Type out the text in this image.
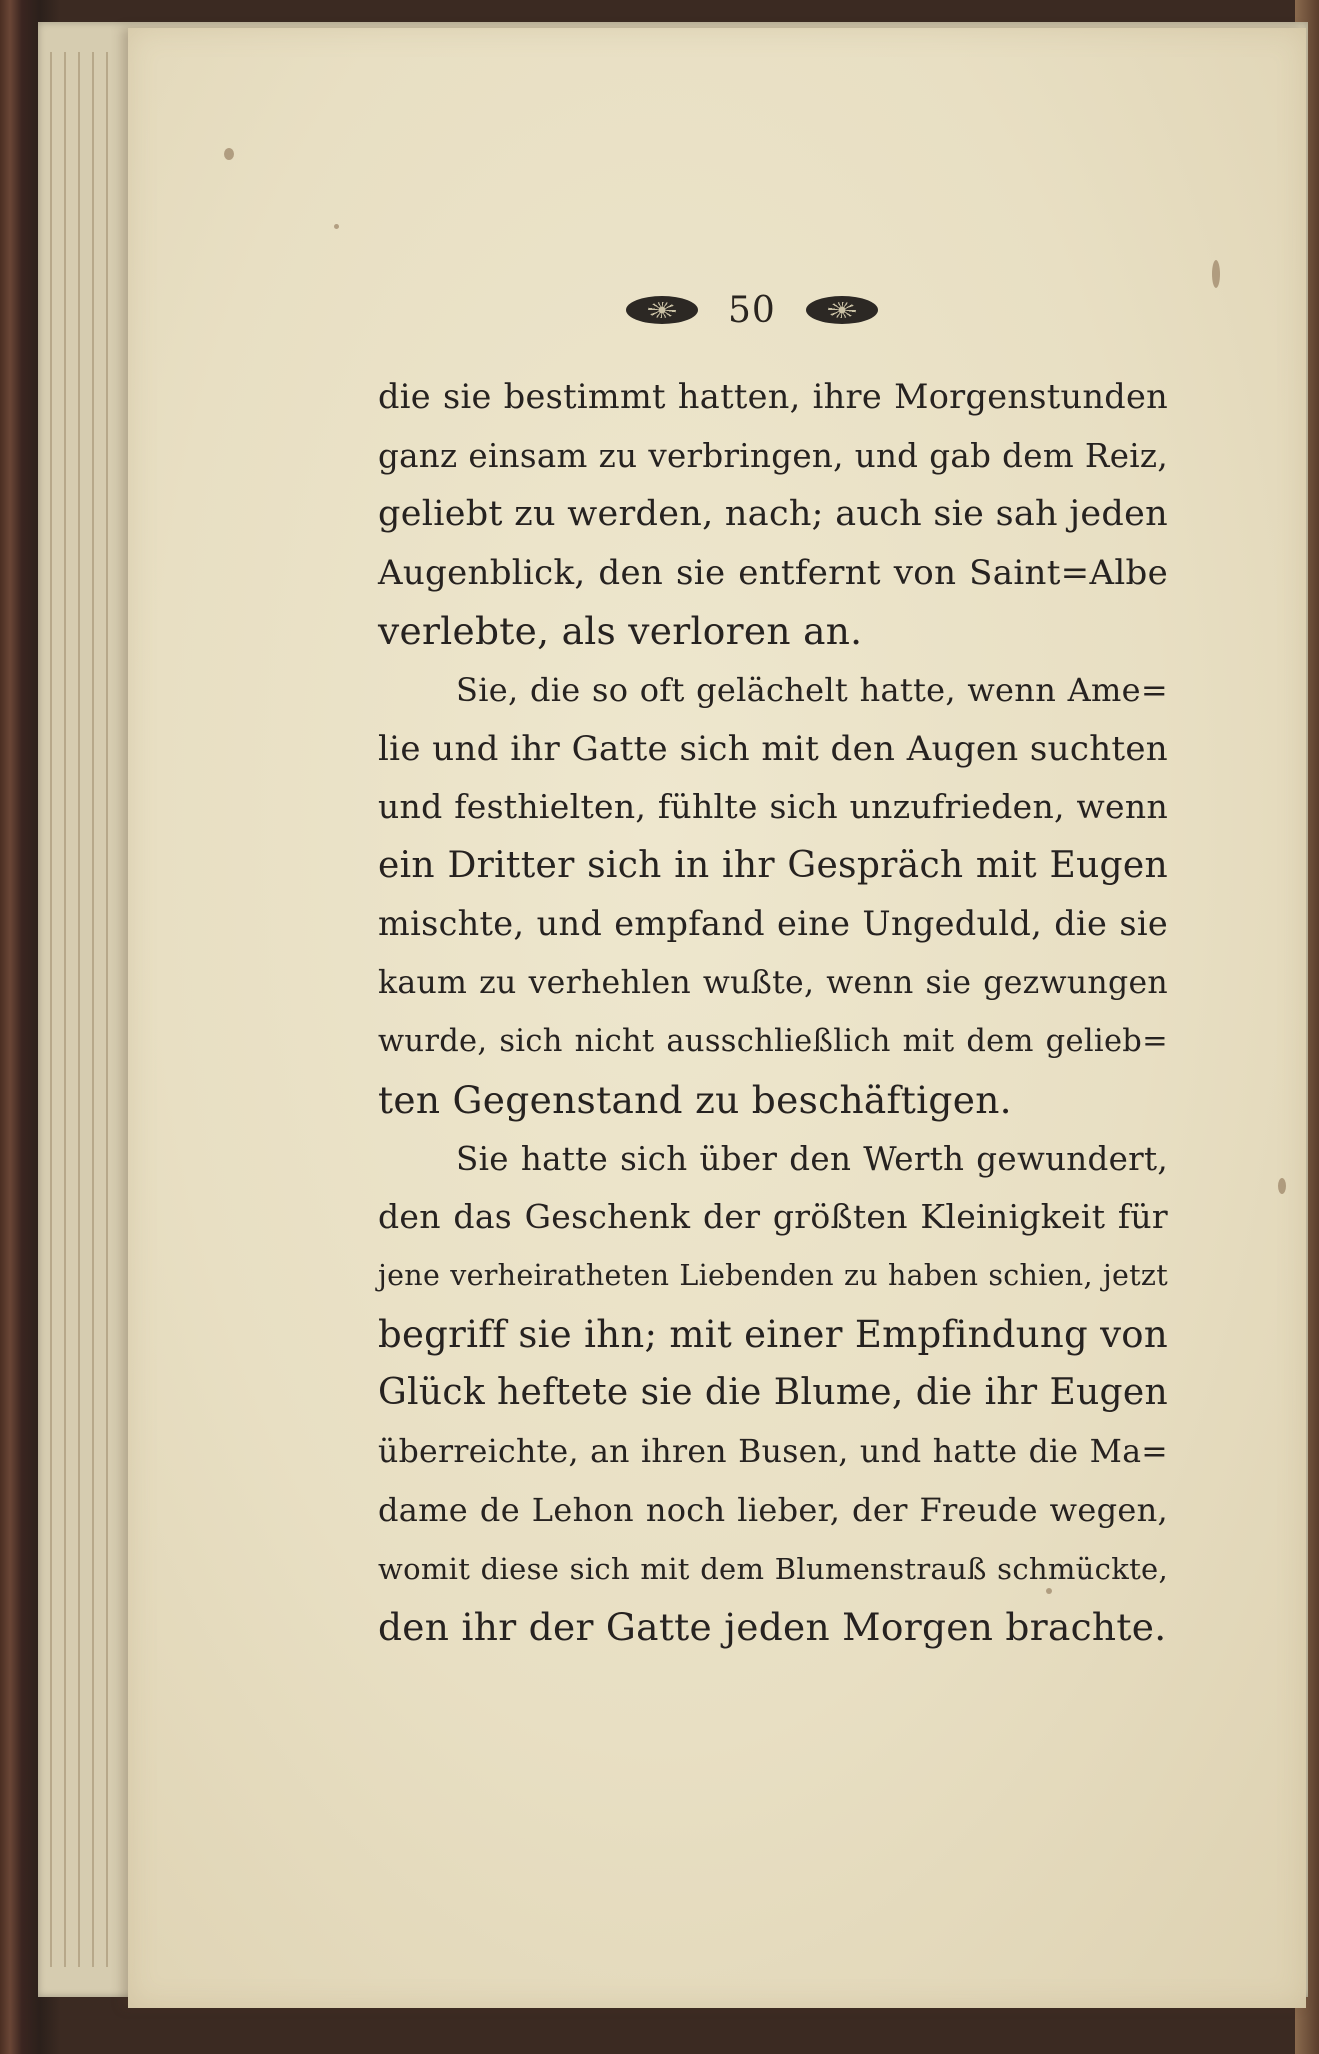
50
die sie bestimmt hatten, ihre Morgenstunden
ganz einsam zu verbringen, und gab dem Reiz,
geliebt zu werden, nach; auch sie sah jeden
Augenblick, den sie entfernt von Saint=Albe
verlebte, als verloren an.
Sie, die so oft gelächelt hatte, wenn Ame=
lie und ihr Gatte sich mit den Augen suchten
und festhielten, fühlte sich unzufrieden, wenn
ein Dritter sich in ihr Gespräch mit Eugen
mischte, und empfand eine Ungeduld, die sie
kaum zu verhehlen wußte, wenn sie gezwungen
wurde, sich nicht ausschließlich mit dem gelieb=
ten Gegenstand zu beschäftigen.
Sie hatte sich über den Werth gewundert,
den das Geschenk der größten Kleinigkeit für
jene verheiratheten Liebenden zu haben schien, jetzt
begriff sie ihn; mit einer Empfindung von
Glück heftete sie die Blume, die ihr Eugen
überreichte, an ihren Busen, und hatte die Ma=
dame de Lehon noch lieber, der Freude wegen,
womit diese sich mit dem Blumenstrauß schmückte,
den ihr der Gatte jeden Morgen brachte.
